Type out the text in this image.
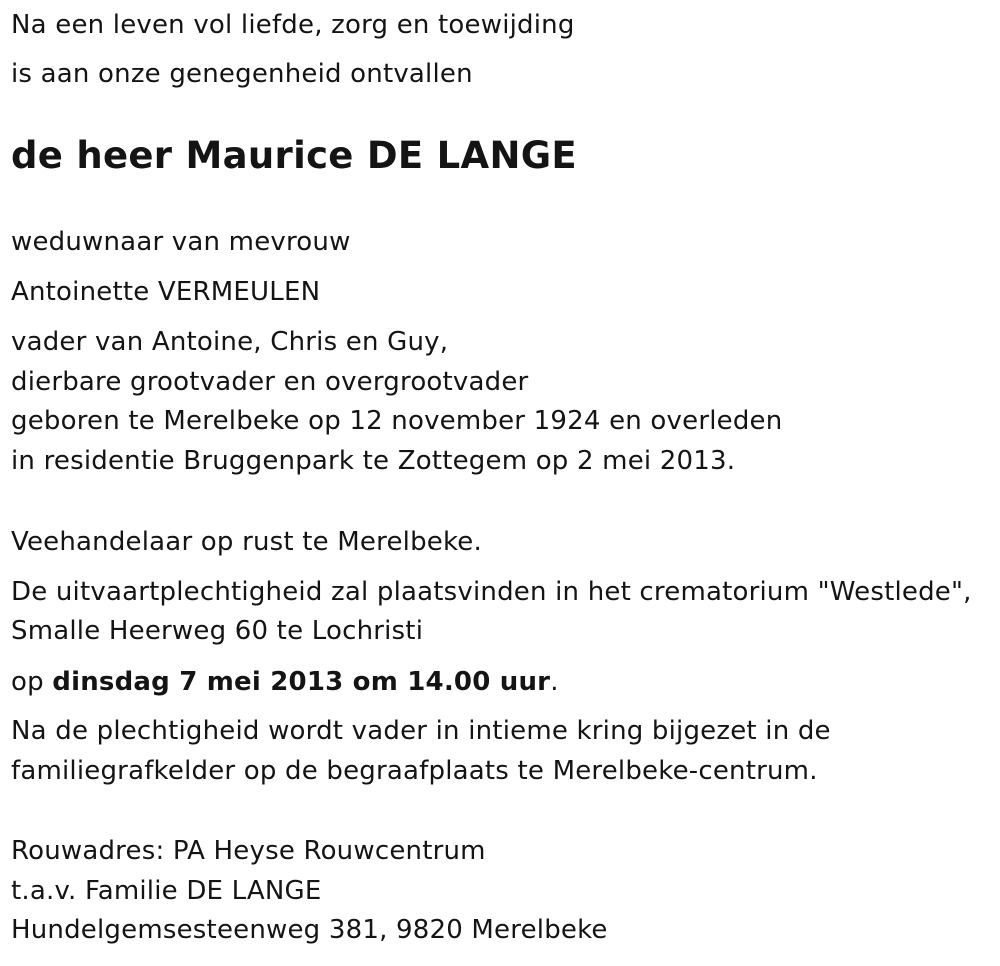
Na een leven vol liefde, zorg en toewijding

is aan onze genegenheid ontvallen

de heer Maurice DE LANGE

weduwnaar van mevrouw

Antoinette VERMEULEN

vader van Antoine, Chris en Guy,

dierbare grootvader en overgrootvader

geboren te Merelbeke op 12 november 1924 en overleden

in residentie Bruggenpark te Zottegem op 2 mei 2013.

Veehandelaar op rust te Merelbeke.

De uitvaartplechtigheid zal plaatsvinden in het crematorium "Westlede",

Smalle Heerweg 60 te Lochristi

op dinsdag 7 mei 2013 om 14.00 uur.

Na de plechtigheid wordt vader in intieme kring bijgezet in de

familiegrafkelder op de begraafplaats te Merelbeke-centrum.

Rouwadres: PA Heyse Rouwcentrum

t.a.v. Familie DE LANGE

Hundelgemsesteenweg 381, 9820 Merelbeke
